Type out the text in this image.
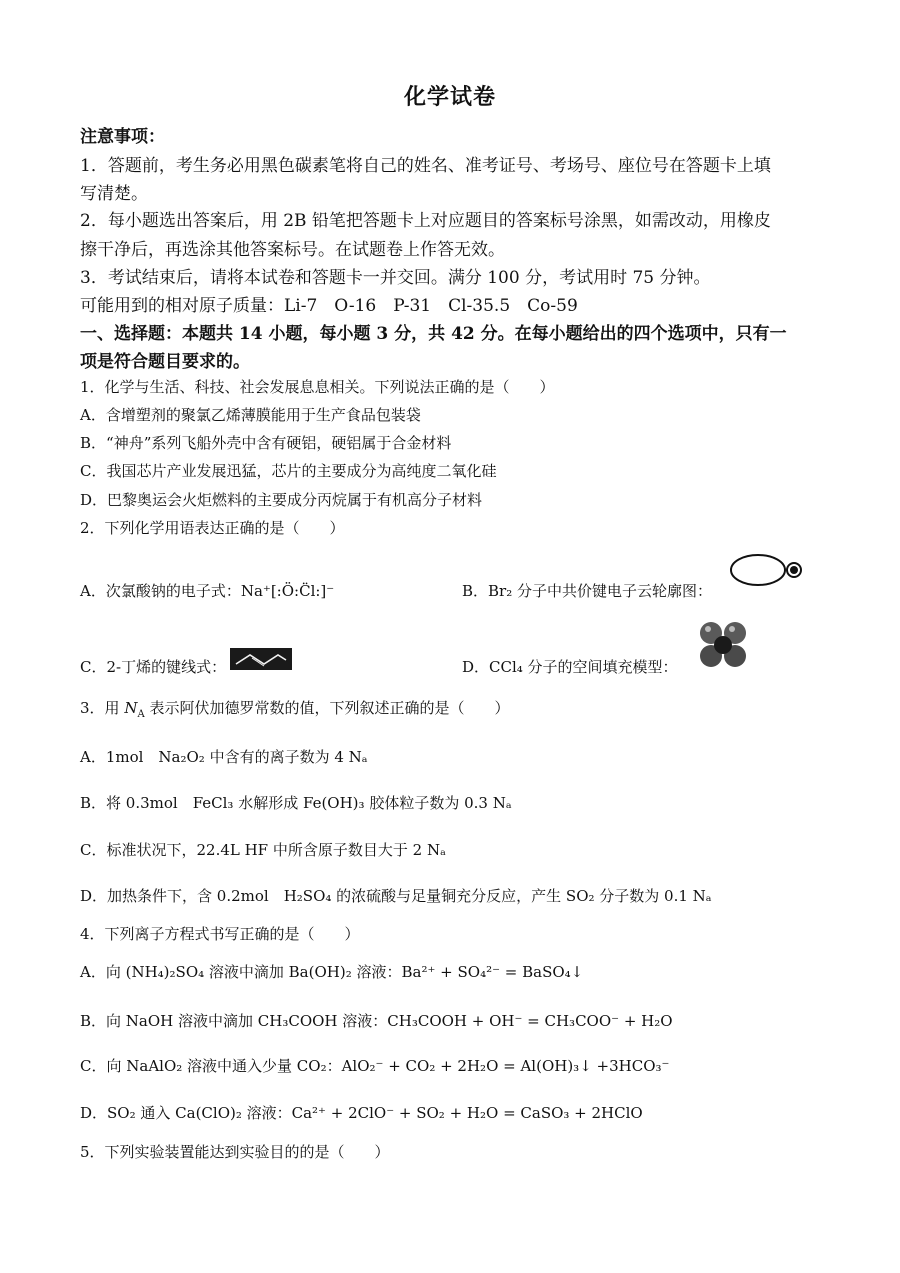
化学试卷
注意事项：
1．答题前，考生务必用黑色碳素笔将自己的姓名、准考证号、考场号、座位号在答题卡上填
写清楚。
2．每小题选出答案后，用 2B 铅笔把答题卡上对应题目的答案标号涂黑，如需改动，用橡皮
擦干净后，再选涂其他答案标号。在试题卷上作答无效。
3．考试结束后，请将本试卷和答题卡一并交回。满分 100 分，考试用时 75 分钟。
可能用到的相对原子质量：Li-7　O-16　P-31　Cl-35.5　Co-59
一、选择题：本题共 14 小题，每小题 3 分，共 42 分。在每小题给出的四个选项中，只有一
项是符合题目要求的。
1．化学与生活、科技、社会发展息息相关。下列说法正确的是（　　）
A．含增塑剂的聚氯乙烯薄膜能用于生产食品包装袋
B．“神舟”系列飞船外壳中含有硬铝，硬铝属于合金材料
C．我国芯片产业发展迅猛，芯片的主要成分为高纯度二氧化硅
D．巴黎奥运会火炬燃料的主要成分丙烷属于有机高分子材料
2．下列化学用语表达正确的是（　　）
A．次氯酸钠的电子式：Na⁺[:Ö:C̈l:]⁻	B．Br₂ 分子中共价键电子云轮廓图：
C．2-丁烯的键线式：	D．CCl₄ 分子的空间填充模型：
3．用 $N_A$ 表示阿伏加德罗常数的值，下列叙述正确的是（　　）
A．1mol　Na₂O₂ 中含有的离子数为 4 Nₐ
B．将 0.3mol　FeCl₃ 水解形成 Fe(OH)₃ 胶体粒子数为 0.3 Nₐ
C．标准状况下，22.4L HF 中所含原子数目大于 2 Nₐ
D．加热条件下，含 0.2mol　H₂SO₄ 的浓硫酸与足量铜充分反应，产生 SO₂ 分子数为 0.1 Nₐ
4．下列离子方程式书写正确的是（　　）
A．向 (NH₄)₂SO₄ 溶液中滴加 Ba(OH)₂ 溶液：Ba²⁺ + SO₄²⁻ = BaSO₄↓
B．向 NaOH 溶液中滴加 CH₃COOH 溶液：CH₃COOH + OH⁻ = CH₃COO⁻ + H₂O
C．向 NaAlO₂ 溶液中通入少量 CO₂：AlO₂⁻ + CO₂ + 2H₂O = Al(OH)₃↓ +3HCO₃⁻
D．SO₂ 通入 Ca(ClO)₂ 溶液：Ca²⁺ + 2ClO⁻ + SO₂ + H₂O = CaSO₃ + 2HClO
5．下列实验装置能达到实验目的的是（　　）
